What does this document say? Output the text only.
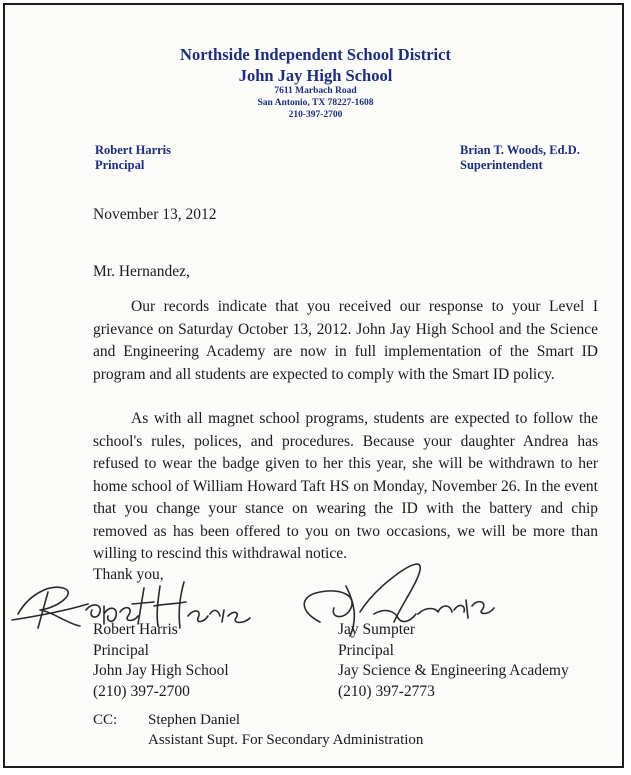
Northside Independent School District
John Jay High School
7611 Marbach Road
San Antonio, TX 78227-1608
210-397-2700
Robert Harris
Principal
Brian T. Woods, Ed.D.
Superintendent
November 13, 2012
Mr. Hernandez,
Our records indicate that you received our response to your Level I grievance on Saturday October 13, 2012. John Jay High School and the Science and Engineering Academy are now in full implementation of the Smart ID program and all students are expected to comply with the Smart ID policy.
As with all magnet school programs, students are expected to follow the school's rules, polices, and procedures. Because your daughter Andrea has refused to wear the badge given to her this year, she will be withdrawn to her home school of William Howard Taft HS on Monday, November 26. In the event that you change your stance on wearing the ID with the battery and chip removed as has been offered to you on two occasions, we will be more than willing to rescind this withdrawal notice.
Thank you,
Robert Harris
Principal
John Jay High School
(210) 397-2700
Jay Sumpter
Principal
Jay Science & Engineering Academy
(210) 397-2773
CC: Stephen Daniel
Assistant Supt. For Secondary Administration
